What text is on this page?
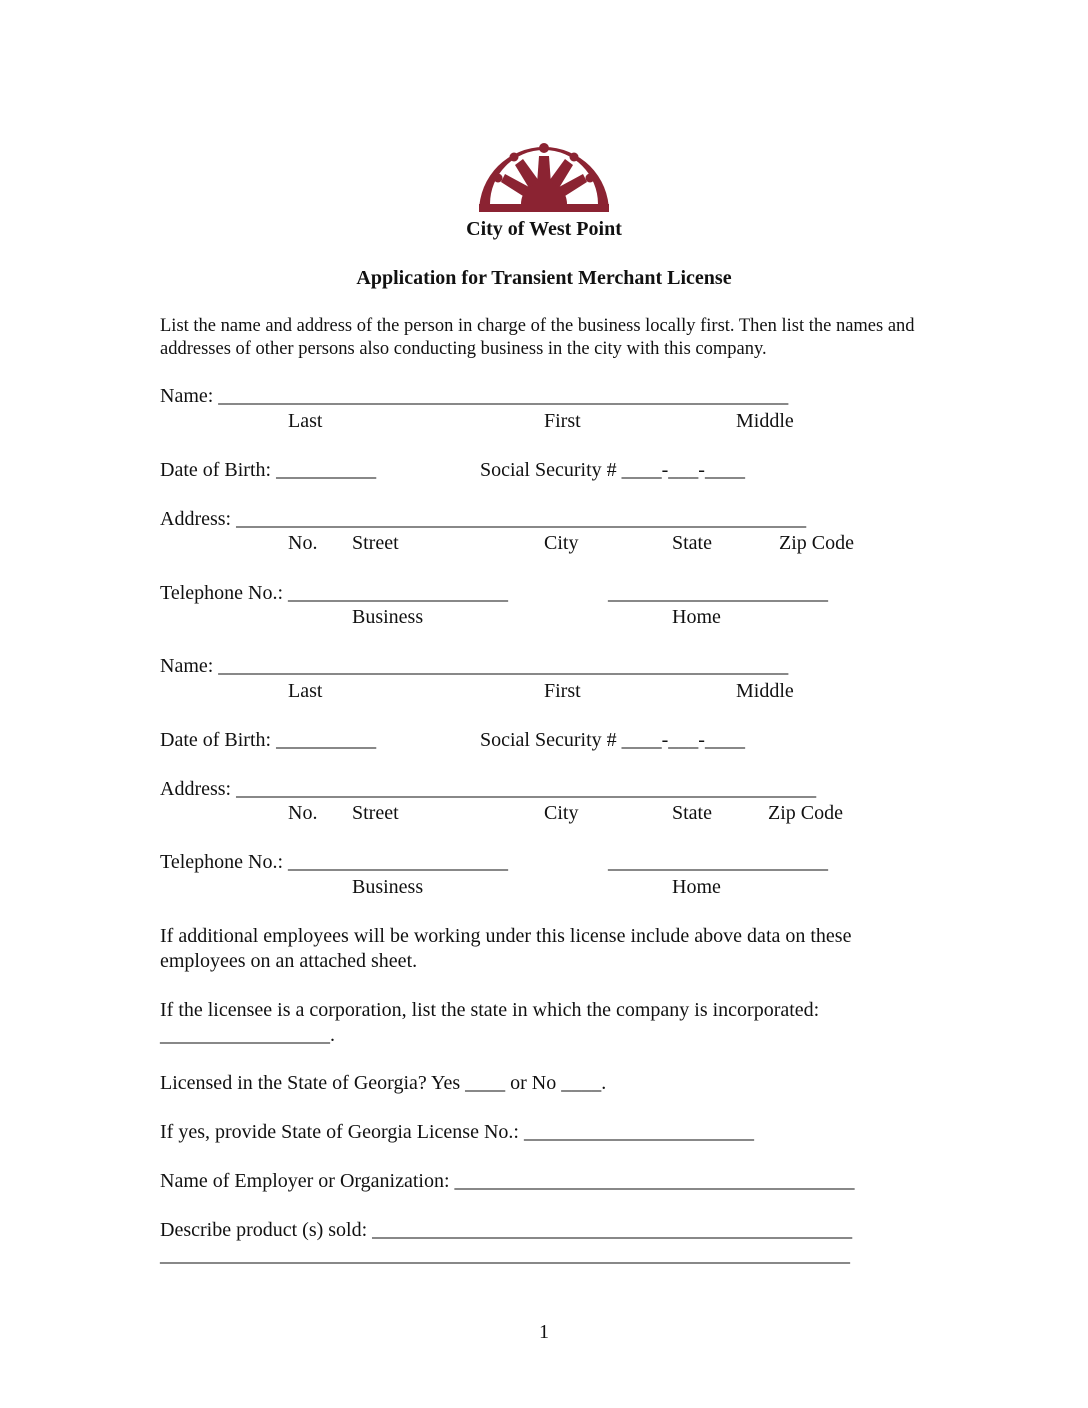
City of West Point
Application for Transient Merchant License
List the name and address of the person in charge of the business locally first. Then list the names and addresses of other persons also conducting business in the city with this company.
Name: _________________________________________________________
Last	First	Middle
Date of Birth: __________	Social Security # ____-___-____
Address: _________________________________________________________
No. Street	City	State	Zip Code
Telephone No.: ______________________	______________________
Business	Home
Name: _________________________________________________________
Last	First	Middle
Date of Birth: __________	Social Security # ____-___-____
Address: __________________________________________________________
No. Street	City	State	Zip Code
Telephone No.: ______________________	______________________
Business	Home
If additional employees will be working under this license include above data on these employees on an attached sheet.
If the licensee is a corporation, list the state in which the company is incorporated:
_________________.
Licensed in the State of Georgia? Yes ____ or No ____.
If yes, provide State of Georgia License No.: _______________________
Name of Employer or Organization: ________________________________________
Describe product (s) sold: ________________________________________________
_____________________________________________________________________
1
